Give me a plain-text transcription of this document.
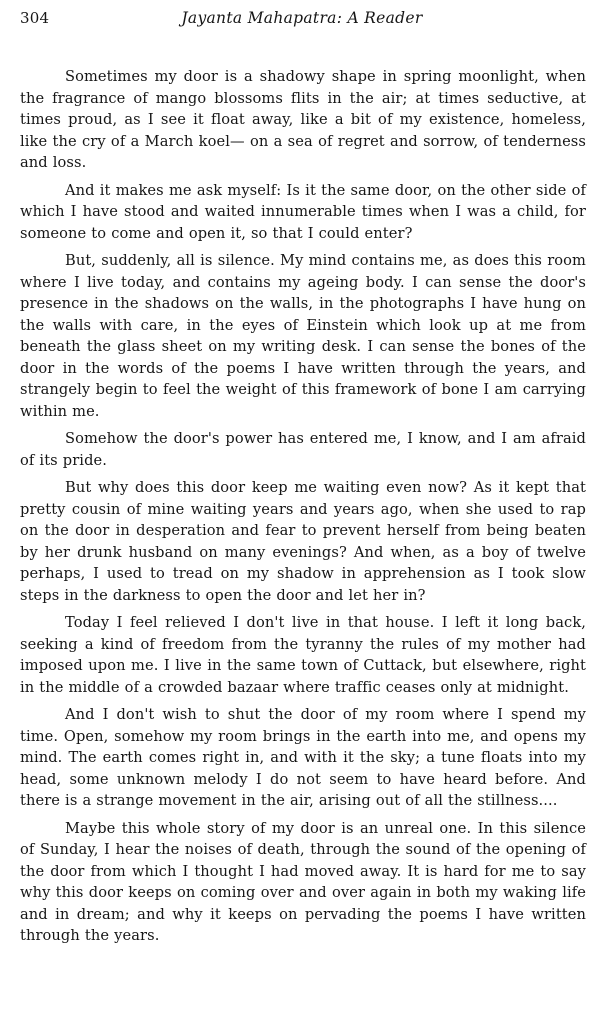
304	Jayanta Mahapatra: A Reader

Sometimes my door is a shadowy shape in spring moonlight, when the fragrance of mango blossoms flits in the air; at times seductive, at times proud, as I see it float away, like a bit of my existence, homeless, like the cry of a March koel— on a sea of regret and sorrow, of tenderness and loss.

And it makes me ask myself: Is it the same door, on the other side of which I have stood and waited innumerable times when I was a child, for someone to come and open it, so that I could enter?

But, suddenly, all is silence. My mind contains me, as does this room where I live today, and contains my ageing body. I can sense the door's presence in the shadows on the walls, in the photographs I have hung on the walls with care, in the eyes of Einstein which look up at me from beneath the glass sheet on my writing desk. I can sense the bones of the door in the words of the poems I have written through the years, and strangely begin to feel the weight of this framework of bone I am carrying within me.

Somehow the door's power has entered me, I know, and I am afraid of its pride.

But why does this door keep me waiting even now? As it kept that pretty cousin of mine waiting years and years ago, when she used to rap on the door in desperation and fear to prevent herself from being beaten by her drunk husband on many evenings? And when, as a boy of twelve perhaps, I used to tread on my shadow in apprehension as I took slow steps in the darkness to open the door and let her in?

Today I feel relieved I don't live in that house. I left it long back, seeking a kind of freedom from the tyranny the rules of my mother had imposed upon me. I live in the same town of Cuttack, but elsewhere, right in the middle of a crowded bazaar where traffic ceases only at midnight.

And I don't wish to shut the door of my room where I spend my time. Open, somehow my room brings in the earth into me, and opens my mind. The earth comes right in, and with it the sky; a tune floats into my head, some unknown melody I do not seem to have heard before. And there is a strange movement in the air, arising out of all the stillness....

Maybe this whole story of my door is an unreal one. In this silence of Sunday, I hear the noises of death, through the sound of the opening of the door from which I thought I had moved away. It is hard for me to say why this door keeps on coming over and over again in both my waking life and in dream; and why it keeps on pervading the poems I have written through the years.
